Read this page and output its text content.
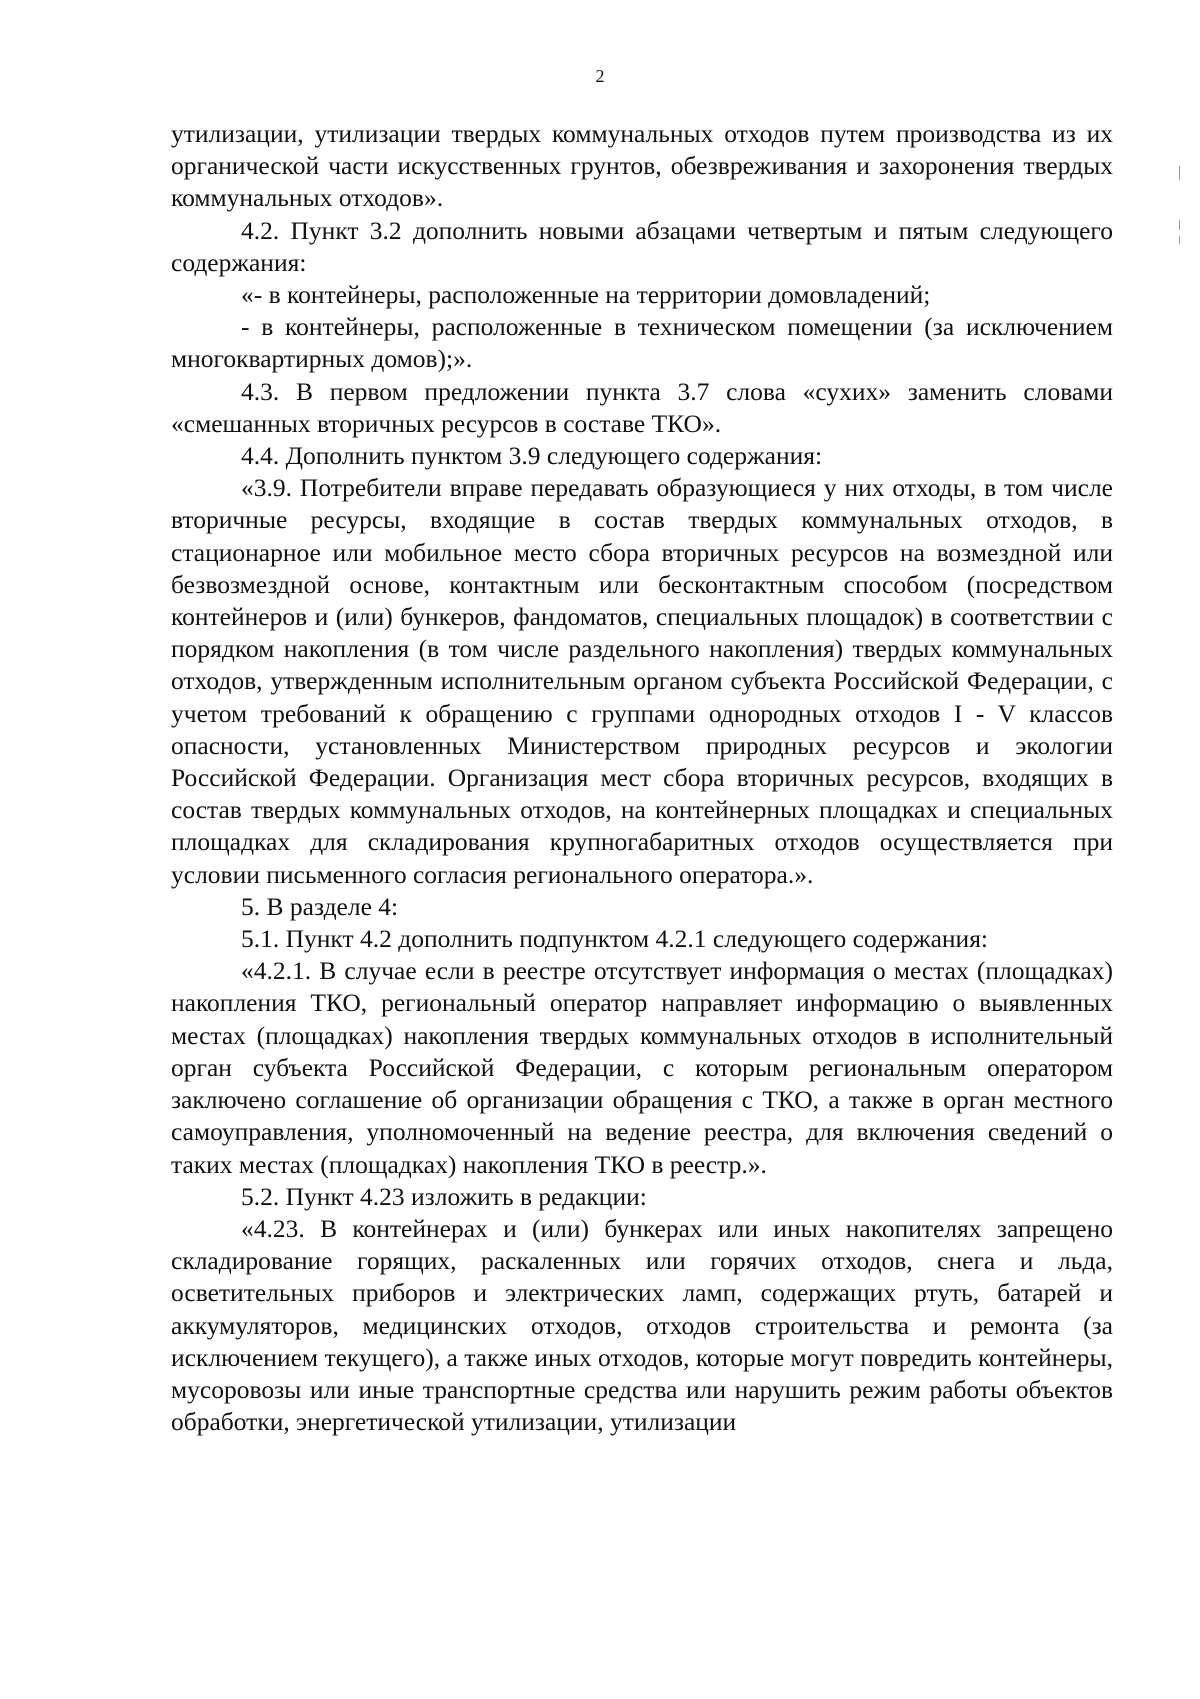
2

утилизации, утилизации твердых коммунальных отходов путем производства из их органической части искусственных грунтов, обезвреживания и захоронения твердых коммунальных отходов».

4.2. Пункт 3.2 дополнить новыми абзацами четвертым и пятым следующего содержания:

«- в контейнеры, расположенные на территории домовладений;

- в контейнеры, расположенные в техническом помещении (за исключением многоквартирных домов);».

4.3. В первом предложении пункта 3.7 слова «сухих» заменить словами «смешанных вторичных ресурсов в составе ТКО».

4.4. Дополнить пунктом 3.9 следующего содержания:

«3.9. Потребители вправе передавать образующиеся у них отходы, в том числе вторичные ресурсы, входящие в состав твердых коммунальных отходов, в стационарное или мобильное место сбора вторичных ресурсов на возмездной или безвозмездной основе, контактным или бесконтактным способом (посредством контейнеров и (или) бункеров, фандоматов, специальных площадок) в соответствии с порядком накопления (в том числе раздельного накопления) твердых коммунальных отходов, утвержденным исполнительным органом субъекта Российской Федерации, с учетом требований к обращению с группами однородных отходов I - V классов опасности, установленных Министерством природных ресурсов и экологии Российской Федерации. Организация мест сбора вторичных ресурсов, входящих в состав твердых коммунальных отходов, на контейнерных площадках и специальных площадках для складирования крупногабаритных отходов осуществляется при условии письменного согласия регионального оператора.».

5. В разделе 4:

5.1. Пункт 4.2 дополнить подпунктом 4.2.1 следующего содержания:

«4.2.1. В случае если в реестре отсутствует информация о местах (площадках) накопления ТКО, региональный оператор направляет информацию о выявленных местах (площадках) накопления твердых коммунальных отходов в исполнительный орган субъекта Российской Федерации, с которым региональным оператором заключено соглашение об организации обращения с ТКО, а также в орган местного самоуправления, уполномоченный на ведение реестра, для включения сведений о таких местах (площадках) накопления ТКО в реестр.».

5.2. Пункт 4.23 изложить в редакции:

«4.23. В контейнерах и (или) бункерах или иных накопителях запрещено складирование горящих, раскаленных или горячих отходов, снега и льда, осветительных приборов и электрических ламп, содержащих ртуть, батарей и аккумуляторов, медицинских отходов, отходов строительства и ремонта (за исключением текущего), а также иных отходов, которые могут повредить контейнеры, мусоровозы или иные транспортные средства или нарушить режим работы объектов обработки, энергетической утилизации, утилизации
